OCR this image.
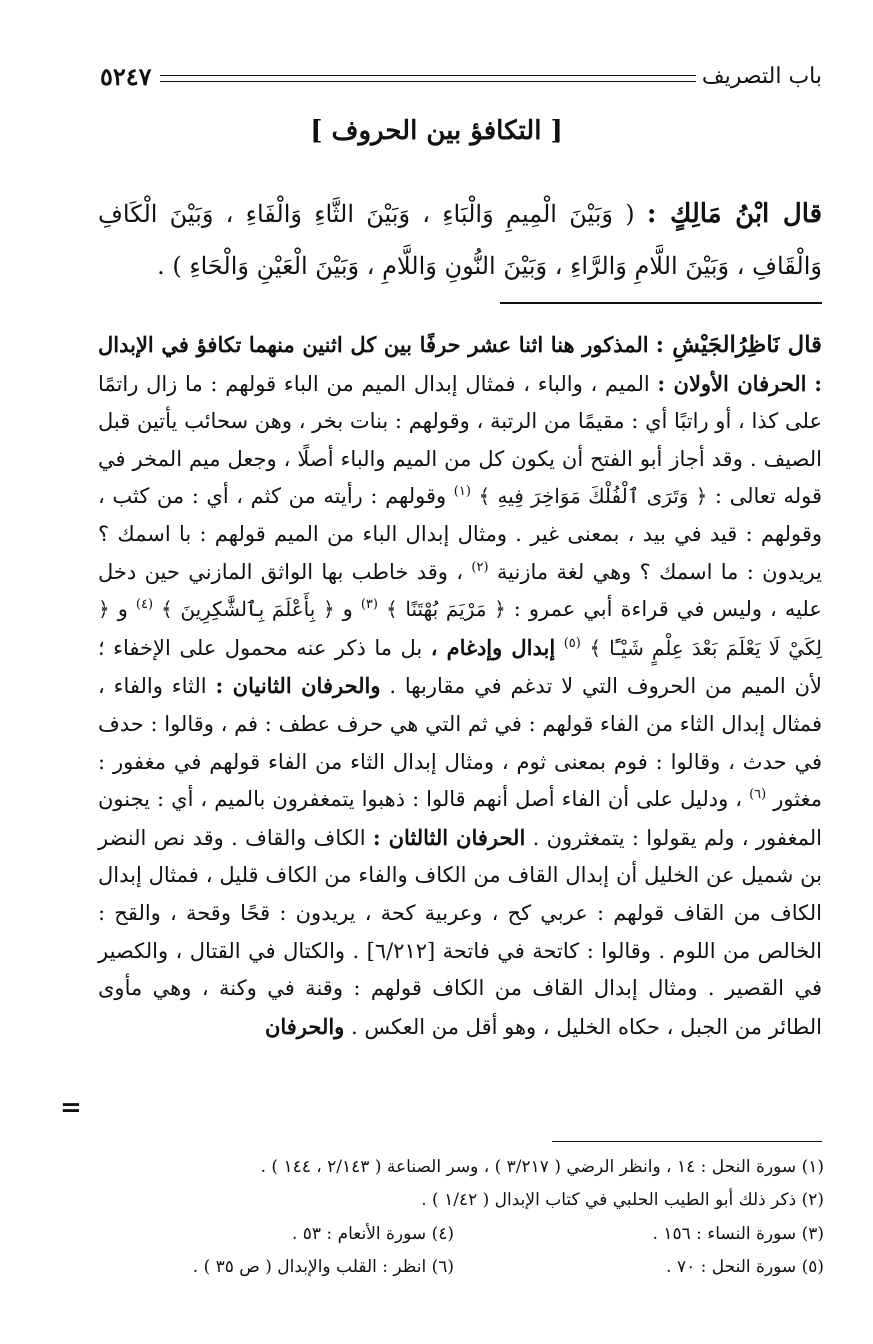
باب التصريف
٥٢٤٧
[ التكافؤ بين الحروف ]

قال ابْنُ مَالِكٍ : ( وَبَيْنَ الْمِيمِ وَالْبَاءِ ، وَبَيْنَ الثَّاءِ وَالْفَاءِ ، وَبَيْنَ الْكَافِ وَالْقَافِ ، وَبَيْنَ اللَّامِ وَالرَّاءِ ، وَبَيْنَ النُّونِ وَاللَّامِ ، وَبَيْنَ الْعَيْنِ وَالْحَاءِ ) .

قال نَاظِرُالجَيْشِ : المذكور هنا اثنا عشر حرفًا بين كل اثنين منهما تكافؤ في الإبدال : الحرفان الأولان : الميم ، والباء ، فمثال إبدال الميم من الباء قولهم : ما زال راتمًا على كذا ، أو راتبًا أي : مقيمًا من الرتبة ، وقولهم : بنات بخر ، وهن سحائب يأتين قبل الصيف . وقد أجاز أبو الفتح أن يكون كل من الميم والباء أصلًا ، وجعل ميم المخر في قوله تعالى : ﴿ وَتَرَى ٱلْفُلْكَ مَوَاخِرَ فِيهِ ﴾ $^{(١)}$ وقولهم : رأيته من كثم ، أي : من كثب ، وقولهم : قيد في بيد ، بمعنى غير . ومثال إبدال الباء من الميم قولهم : با اسمك ؟ يريدون : ما اسمك ؟ وهي لغة مازنية $^{(٢)}$ ، وقد خاطب بها الواثق المازني حين دخل عليه ، وليس في قراءة أبي عمرو : ﴿ مَرْيَمَ بُهْتَنًا ﴾ $^{(٣)}$ و ﴿ بِأَعْلَمَ بِٱلشَّٰكِرِينَ ﴾ $^{(٤)}$ و ﴿ لِكَيْ لَا يَعْلَمَ بَعْدَ عِلْمٍ شَيْـًٔا ﴾ $^{(٥)}$ إبدال وإدغام ، بل ما ذكر عنه محمول على الإخفاء ؛ لأن الميم من الحروف التي لا تدغم في مقاربها . والحرفان الثانيان : الثاء والفاء ، فمثال إبدال الثاء من الفاء قولهم : في ثم التي هي حرف عطف : فم ، وقالوا : حدف في حدث ، وقالوا : فوم بمعنى ثوم ، ومثال إبدال الثاء من الفاء قولهم في مغفور : مغثور $^{(٦)}$ ، ودليل على أن الفاء أصل أنهم قالوا : ذهبوا يتمغفرون بالميم ، أي : يجنون المغفور ، ولم يقولوا : يتمغثرون . الحرفان الثالثان : الكاف والقاف . وقد نص النضر بن شميل عن الخليل أن إبدال القاف من الكاف والفاء من الكاف قليل ، فمثال إبدال الكاف من القاف قولهم : عربي كح ، وعربية كحة ، يريدون : قحًا وقحة ، والقح : الخالص من اللوم . وقالوا : كاتحة في فاتحة [٦/٢١٢] . والكتال في القتال ، والكصير في القصير . ومثال إبدال القاف من الكاف قولهم : وقنة في وكنة ، وهي مأوى الطائر من الجبل ، حكاه الخليل ، وهو أقل من العكس . والحرفان

=
(١) سورة النحل : ١٤ ، وانظر الرضي ( ٣/٢١٧ ) ، وسر الصناعة ( ٢/١٤٣ ، ١٤٤ ) .
(٢) ذكر ذلك أبو الطيب الحلبي في كتاب الإبدال ( ١/٤٢ ) .
(٣) سورة النساء : ١٥٦ .
(٤) سورة الأنعام : ٥٣ .
(٥) سورة النحل : ٧٠ .
(٦) انظر : القلب والإبدال ( ص ٣٥ ) .
